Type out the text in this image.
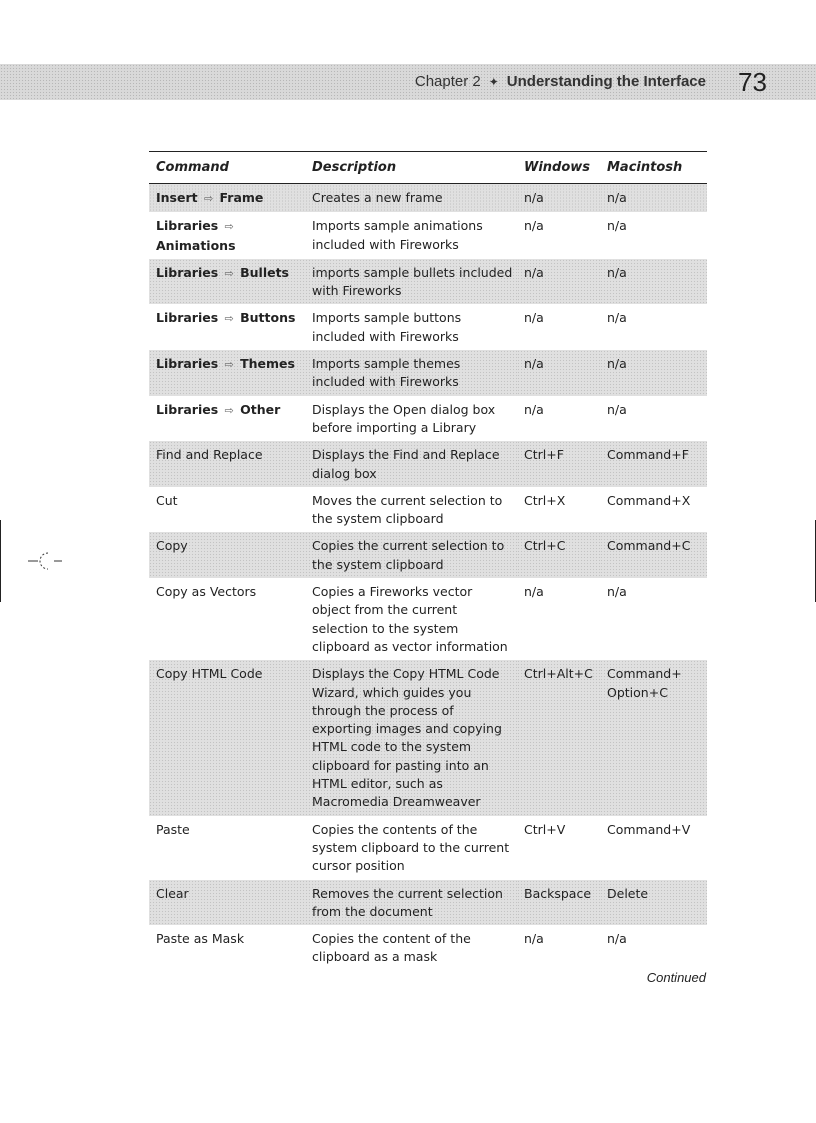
Chapter 2 ✦ Understanding the Interface 73
Command	Description	Windows	Macintosh
Insert ⇨ Frame	Creates a new frame	n/a	n/a
Libraries ⇨ Animations	Imports sample animations included with Fireworks	n/a	n/a
Libraries ⇨ Bullets	imports sample bullets included with Fireworks	n/a	n/a
Libraries ⇨ Buttons	Imports sample buttons included with Fireworks	n/a	n/a
Libraries ⇨ Themes	Imports sample themes included with Fireworks	n/a	n/a
Libraries ⇨ Other	Displays the Open dialog box before importing a Library	n/a	n/a
Find and Replace	Displays the Find and Replace dialog box	Ctrl+F	Command+F
Cut	Moves the current selection to the system clipboard	Ctrl+X	Command+X
Copy	Copies the current selection to the system clipboard	Ctrl+C	Command+C
Copy as Vectors	Copies a Fireworks vector object from the current selection to the system clipboard as vector information	n/a	n/a
Copy HTML Code	Displays the Copy HTML Code Wizard, which guides you through the process of exporting images and copying HTML code to the system clipboard for pasting into an HTML editor, such as Macromedia Dreamweaver	Ctrl+Alt+C	Command+ Option+C
Paste	Copies the contents of the system clipboard to the current cursor position	Ctrl+V	Command+V
Clear	Removes the current selection from the document	Backspace	Delete
Paste as Mask	Copies the content of the clipboard as a mask	n/a	n/a
Continued
